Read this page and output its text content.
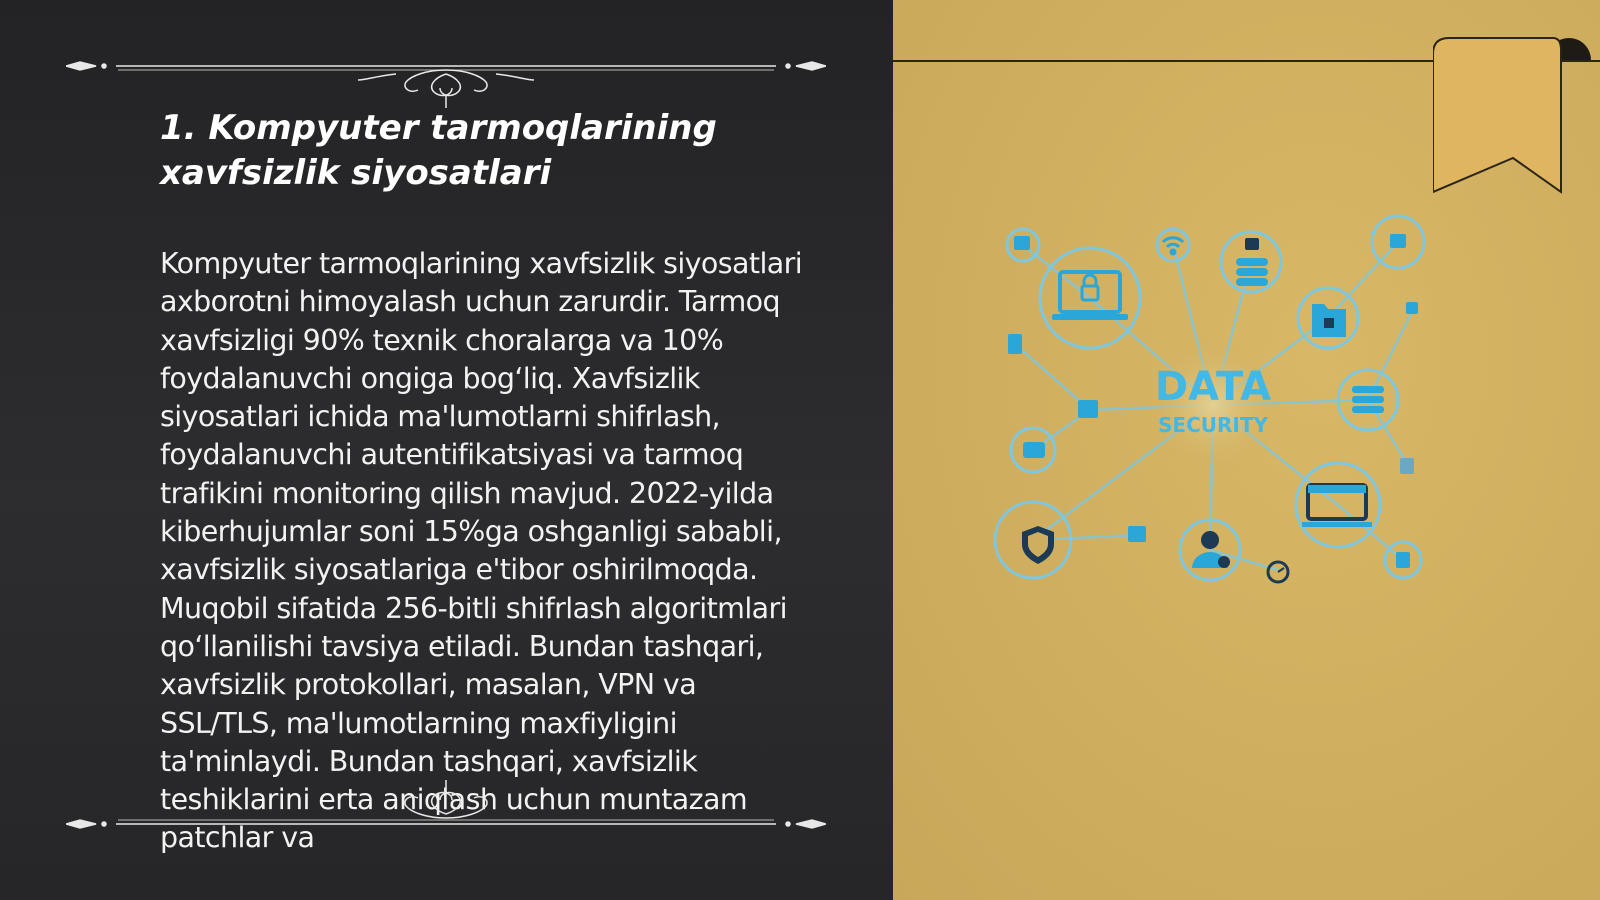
1. Kompyuter tarmoqlarining xavfsizlik siyosatlari

Kompyuter tarmoqlarining xavfsizlik siyosatlari axborotni himoyalash uchun zarurdir. Tarmoq xavfsizligi 90% texnik choralarga va 10% foydalanuvchi ongiga bog‘liq. Xavfsizlik siyosatlari ichida ma'lumotlarni shifrlash, foydalanuvchi autentifikatsiyasi va tarmoq trafikini monitoring qilish mavjud. 2022-yilda kiberhujumlar soni 15%ga oshganligi sababli, xavfsizlik siyosatlariga e'tibor oshirilmoqda. Muqobil sifatida 256-bitli shifrlash algoritmlari qo‘llanilishi tavsiya etiladi. Bundan tashqari, xavfsizlik protokollari, masalan, VPN va SSL/TLS, ma'lumotlarning maxfiyligini ta'minlaydi. Bundan tashqari, xavfsizlik teshiklarini erta aniqlash uchun muntazam patchlar va

DATA
SECURITY
